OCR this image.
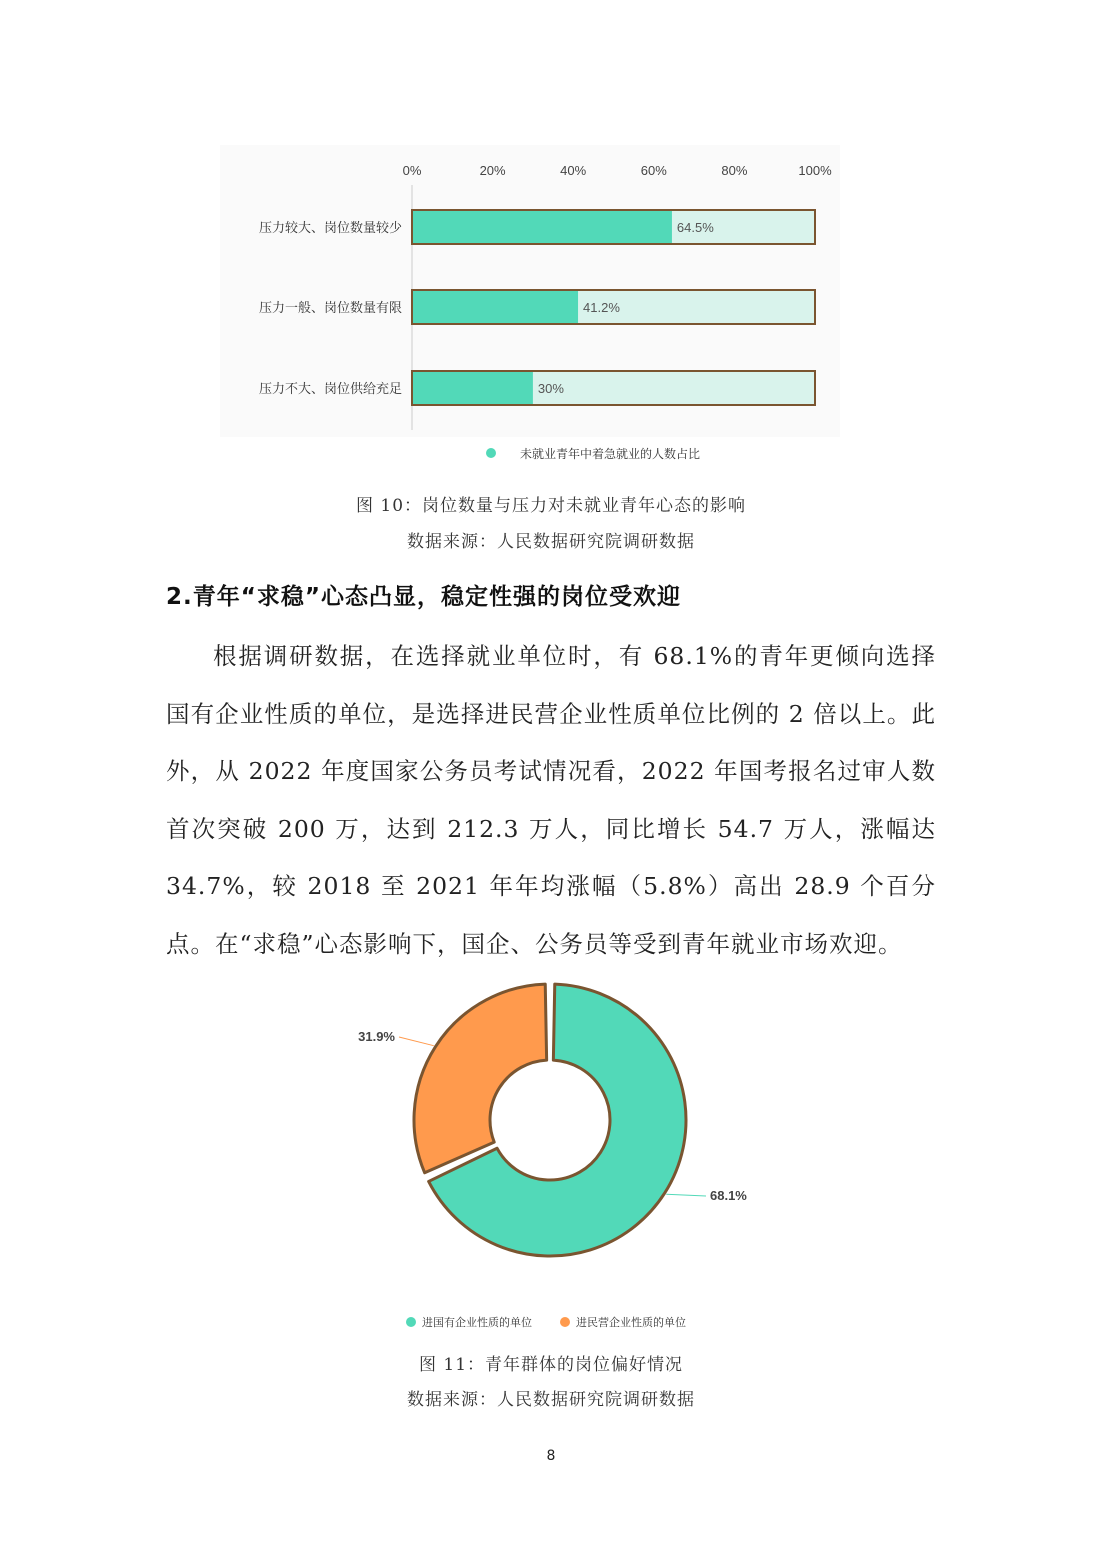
0%	20%	40%	60%	80%	100%
64.5%
压力较大、岗位数量较少
41.2%
压力一般、岗位数量有限
30%
压力不大、岗位供给充足
未就业青年中着急就业的人数占比
图 10：岗位数量与压力对未就业青年心态的影响
数据来源：人民数据研究院调研数据
2.青年“求稳”心态凸显，稳定性强的岗位受欢迎
根据调研数据，在选择就业单位时，有 68.1%的青年更倾向选择国有企业性质的单位，是选择进民营企业性质单位比例的 2 倍以上。此外，从 2022 年度国家公务员考试情况看，2022 年国考报名过审人数首次突破 200 万，达到 212.3 万人，同比增长 54.7 万人，涨幅达 34.7%，较 2018 至 2021 年年均涨幅（5.8%）高出 28.9 个百分点。在“求稳”心态影响下，国企、公务员等受到青年就业市场欢迎。
68.1%
31.9%
进国有企业性质的单位	进民营企业性质的单位
图 11：青年群体的岗位偏好情况
数据来源：人民数据研究院调研数据
8
